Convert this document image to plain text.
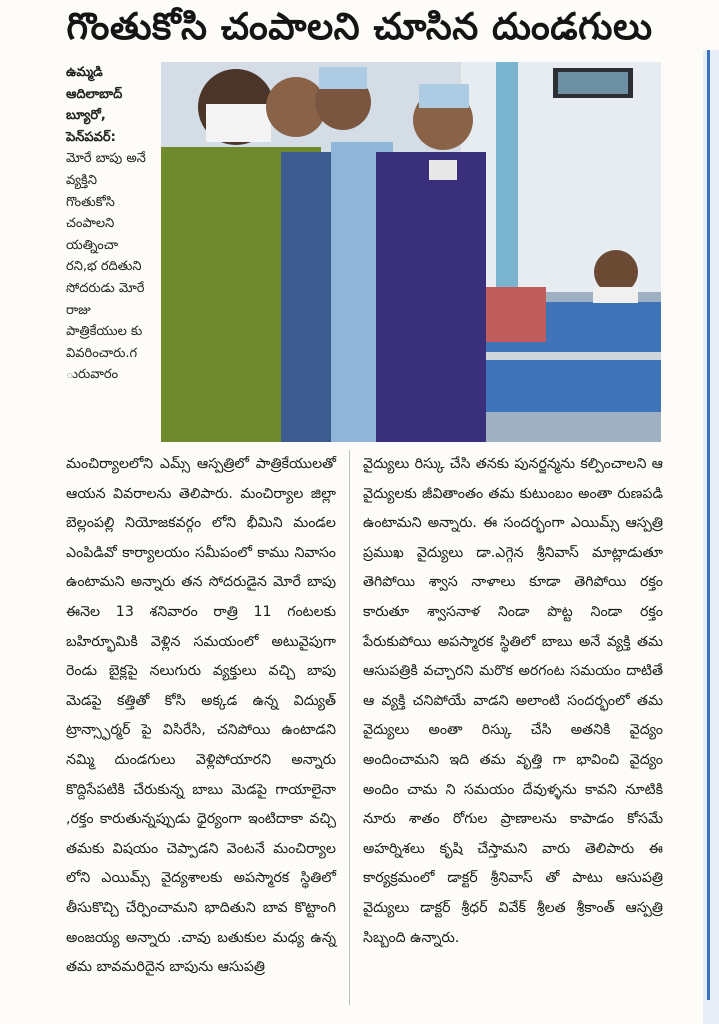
గొంతుకోసి చంపాలని చూసిన దుండగులు
ఉమ్మడి
ఆదిలాబాద్
బ్యూరో,
పెన్‌పవర్:
మోరే బాపు అనే
వ్యక్తిని
గొంతుకోసి
చంపాలని
యత్నించా
రని,భ రదితుని
సోదరుడు మోరే
రాజు
పాత్రికేయుల కు
వివరించారు.గ
ురువారం
మంచిర్యాలలోని ఎమ్స్ ఆస్పత్రిలో పాత్రికేయులతో ఆయన వివరాలను తెలిపారు. మంచిర్యాల జిల్లా బెల్లంపల్లి నియోజకవర్గం లోని భీమిని మండల ఎంపిడివో కార్యాలయం సమీపంలో కాము నివాసం ఉంటామని అన్నారు తన సోదరుడైన మోరే బాపు ఈనెల 13 శనివారం రాత్రి 11 గంటలకు బహిర్భూమికి వెళ్లిన సమయంలో అటువైపుగా రెండు బైక్లపై నలుగురు వ్యక్తులు వచ్చి బాపు మెడపై కత్తితో కోసి అక్కడ ఉన్న విద్యుత్ ట్రాన్స్ఫార్మర్ పై విసిరేసి, చనిపోయి ఉంటాడని నమ్మి దుండగులు వెళ్లిపోయారని అన్నారు కొద్దిసేపటికి చేరుకున్న బాబు మెడపై గాయాలైనా ,రక్తం కారుతున్నప్పుడు ధైర్యంగా ఇంటిదాకా వచ్చి తమకు విషయం చెప్పాడని వెంటనే మంచిర్యాల లోని ఎయిమ్స్ వైద్యశాలకు అపస్మారక స్థితిలో తీసుకొచ్చి చేర్పించామని భాదితుని బావ కొట్టాంగి అంజయ్య అన్నారు .చావు బతుకుల మధ్య ఉన్న తమ బావమరిదైన బాపును ఆసుపత్రి
వైద్యులు రిస్కు చేసి తనకు పునర్జన్మను కల్పించాలని ఆ వైద్యులకు జీవితాంతం తమ కుటుంబం అంతా రుణపడి ఉంటామని అన్నారు. ఈ సందర్భంగా ఎయిమ్స్ ఆస్పత్రి ప్రముఖ వైద్యులు డా.ఎగ్గెన శ్రీనివాస్ మాట్లాడుతూ తెగిపోయి శ్వాస నాళాలు కూడా తెగిపోయి రక్తం కారుతూ శ్వాసనాళ నిండా పొట్ట నిండా రక్తం పేరుకుపోయి అపస్మారక స్థితిలో బాబు అనే వ్యక్తి తమ ఆసుపత్రికి వచ్చారని మరొక అరగంట సమయం దాటితే ఆ వ్యక్తి చనిపోయే వాడని అలాంటి సందర్భంలో తమ వైద్యులు అంతా రిస్కు చేసి అతనికి వైద్యం అందించామని ఇది తమ వృత్తి గా భావించి వైద్యం అందిం చామ ని సమయం దేవుళ్ళను కావని నూటికి నూరు శాతం రోగుల ప్రాణాలను కాపాడం కోసమే అహర్నిశలు కృషి చేస్తామని వారు తెలిపారు ఈ కార్యక్రమంలో డాక్టర్ శ్రీనివాస్ తో పాటు ఆసుపత్రి వైద్యులు డాక్టర్ శ్రీధర్ వివేక్ శ్రీలత శ్రీకాంత్ ఆస్పత్రి సిబ్బంది ఉన్నారు.
